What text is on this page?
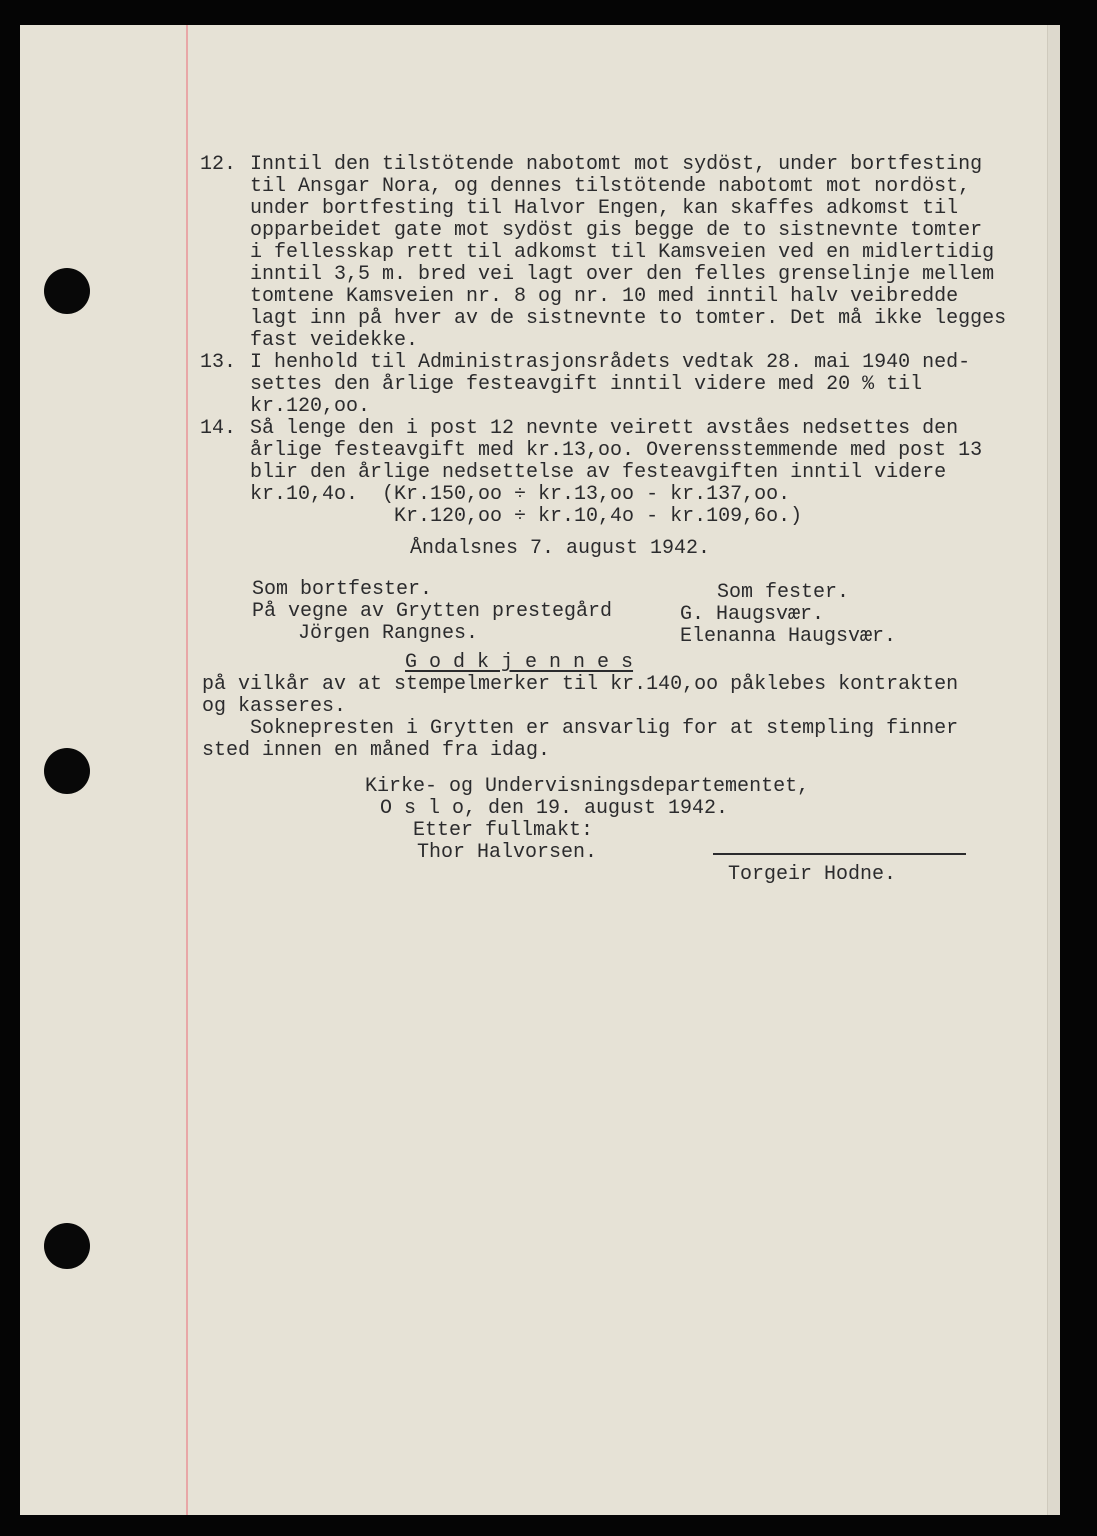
12. Inntil den tilstötende nabotomt mot sydöst, under bortfesting
til Ansgar Nora, og dennes tilstötende nabotomt mot nordöst,
under bortfesting til Halvor Engen, kan skaffes adkomst til
opparbeidet gate mot sydöst gis begge de to sistnevnte tomter
i fellesskap rett til adkomst til Kamsveien ved en midlertidig
inntil 3,5 m. bred vei lagt over den felles grenselinje mellem
tomtene Kamsveien nr. 8 og nr. 10 med inntil halv veibredde
lagt inn på hver av de sistnevnte to tomter. Det må ikke legges
fast veidekke.
13. I henhold til Administrasjonsrådets vedtak 28. mai 1940 ned-
settes den årlige festeavgift inntil videre med 20 % til
kr.120,oo.
14. Så lenge den i post 12 nevnte veirett avståes nedsettes den
årlige festeavgift med kr.13,oo. Overensstemmende med post 13
blir den årlige nedsettelse av festeavgiften inntil videre
kr.10,4o.  (Kr.150,oo ÷ kr.13,oo - kr.137,oo.
Kr.120,oo ÷ kr.10,4o - kr.109,6o.)
Åndalsnes 7. august 1942.
Som bortfester.
På vegne av Grytten prestegård
Jörgen Rangnes.
Som fester.
G. Haugsvær.
Elenanna Haugsvær.
G o d k j e n n e s
på vilkår av at stempelmerker til kr.140,oo påklebes kontrakten
og kasseres.
Soknepresten i Grytten er ansvarlig for at stempling finner
sted innen en måned fra idag.
Kirke- og Undervisningsdepartementet,
O s l o, den 19. august 1942.
Etter fullmakt:
Thor Halvorsen.
Torgeir Hodne.
